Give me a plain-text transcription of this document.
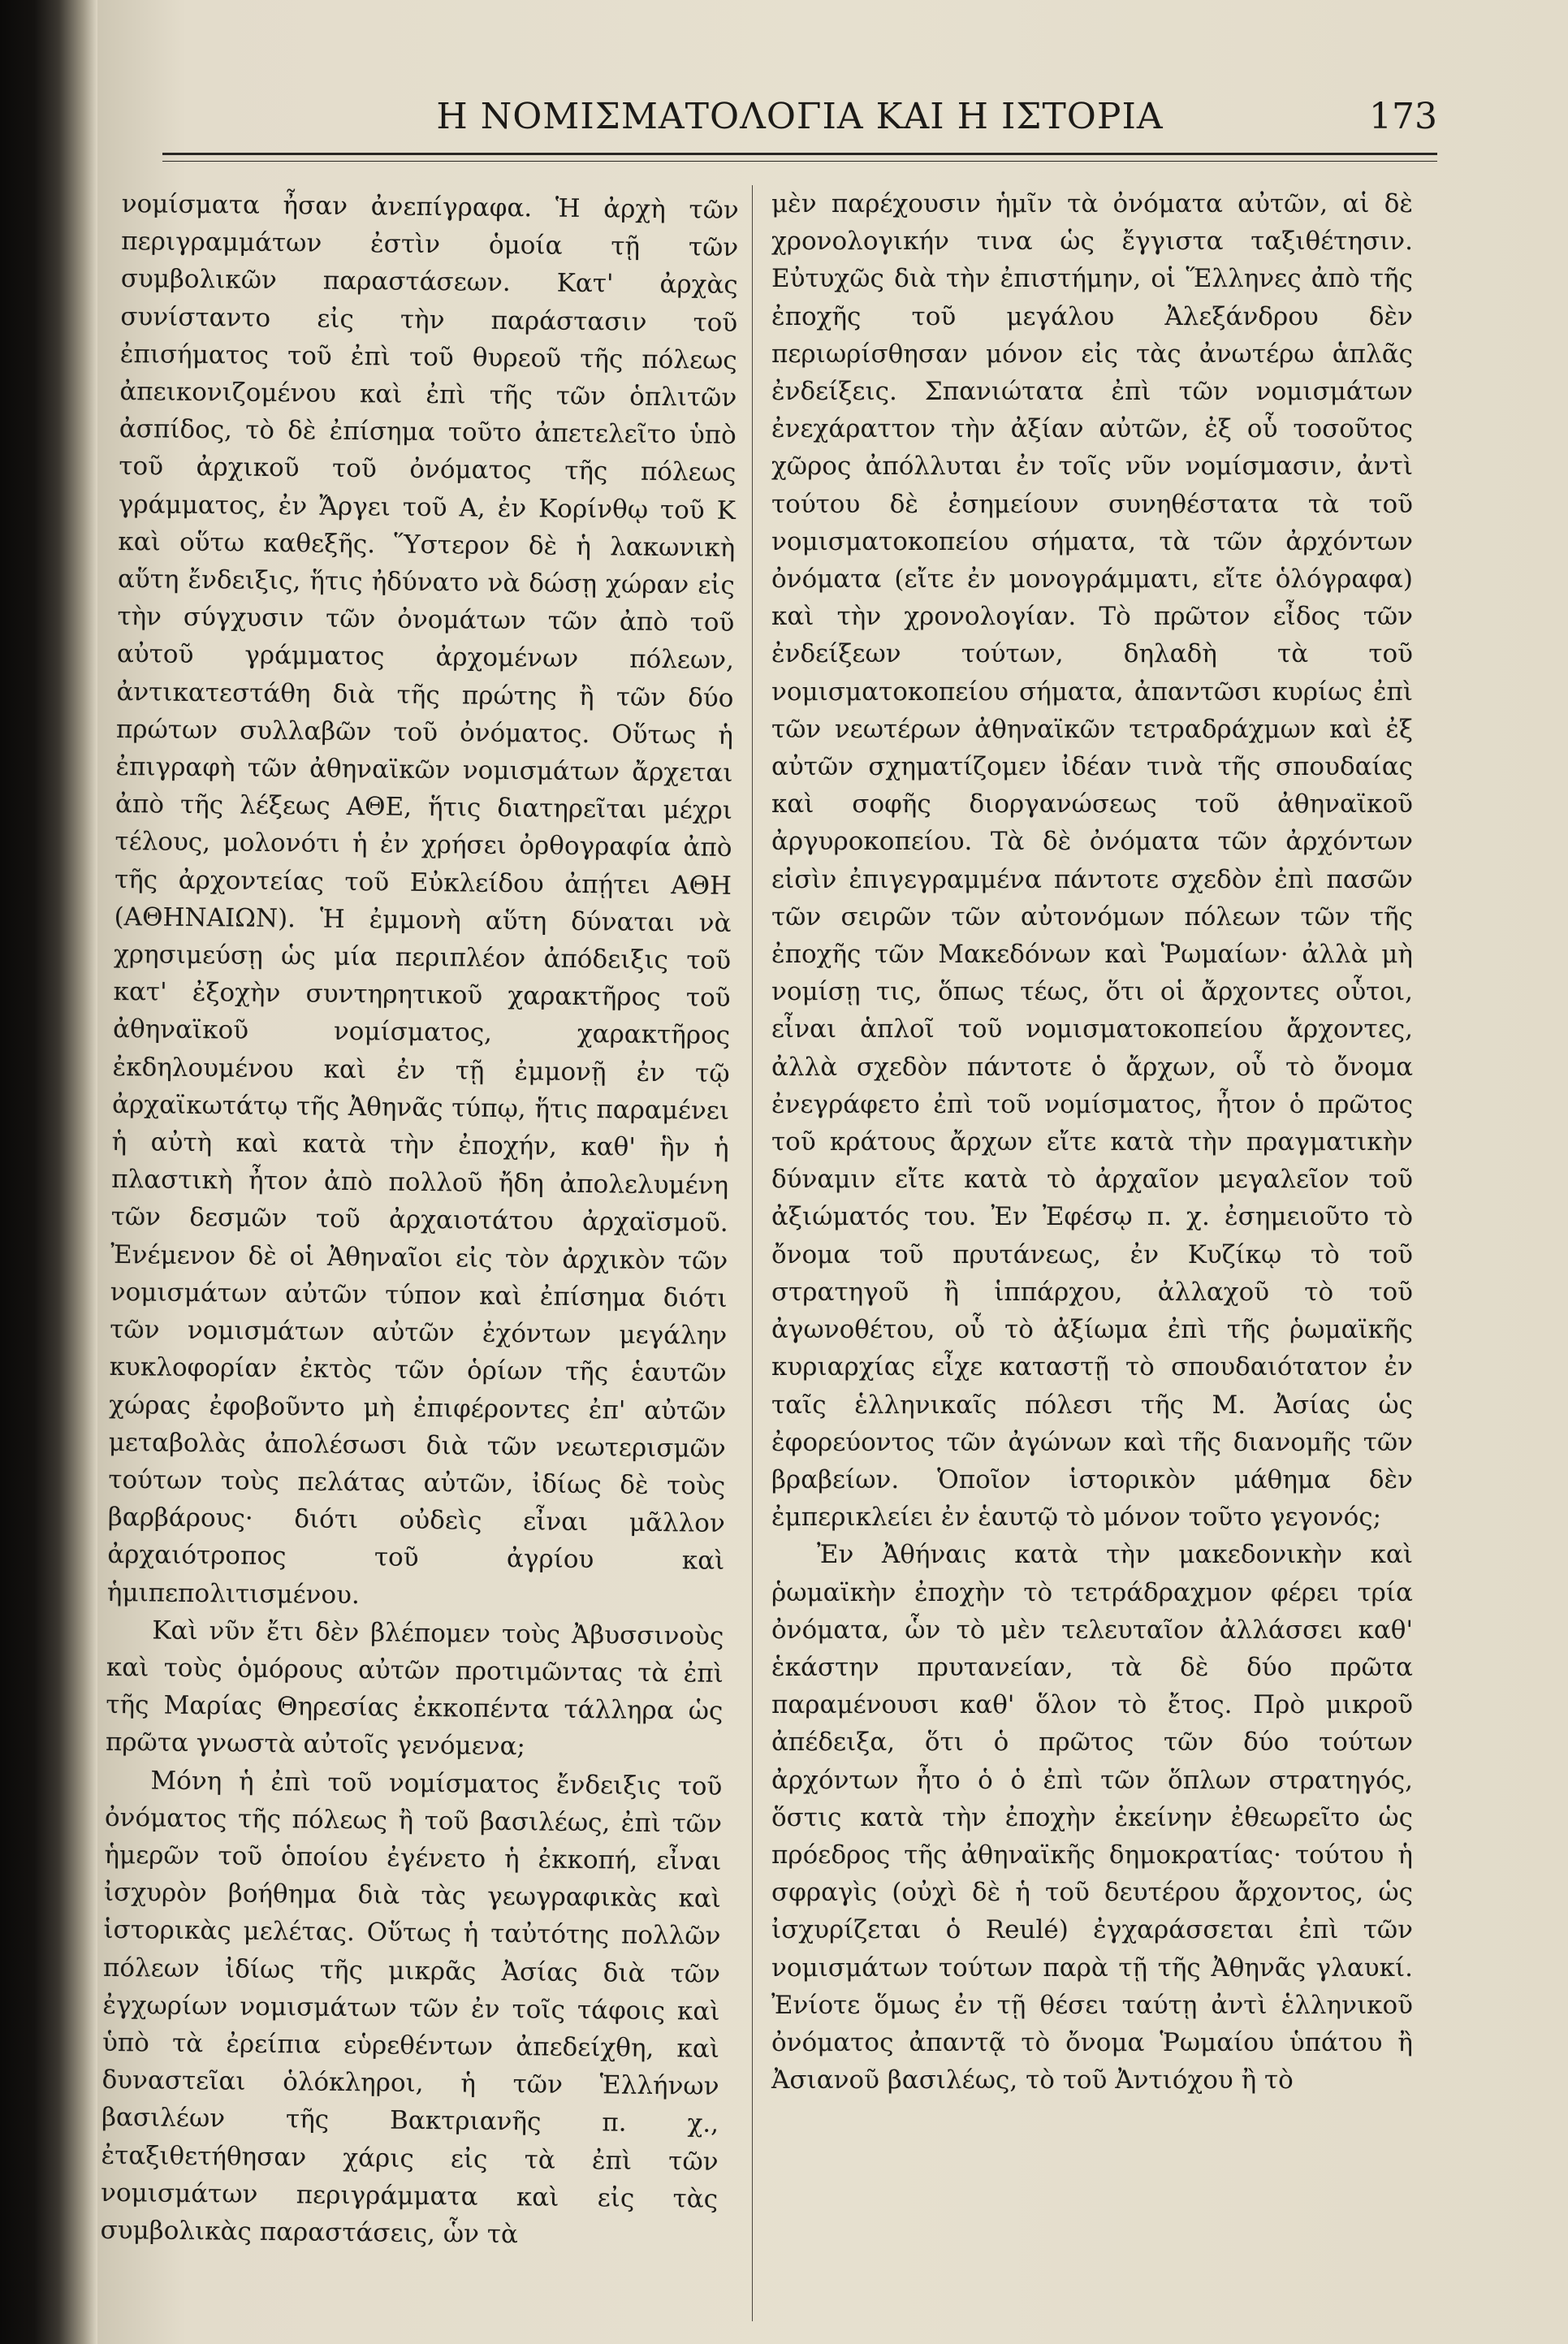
Η ΝΟΜΙΣΜΑΤΟΛΟΓΙΑ ΚΑΙ Η ΙΣΤΟΡΙΑ	173

νομίσματα ἦσαν ἀνεπίγραφα. Ἡ ἀρχὴ τῶν περιγραμμάτων ἐστὶν ὁμοία τῇ τῶν συμβολικῶν παραστάσεων. Κατ' ἀρχὰς συνίσταντο εἰς τὴν παράστασιν τοῦ ἐπισήματος τοῦ ἐπὶ τοῦ θυρεοῦ τῆς πόλεως ἀπεικονιζομένου καὶ ἐπὶ τῆς τῶν ὁπλιτῶν ἀσπίδος, τὸ δὲ ἐπίσημα τοῦτο ἀπετελεῖτο ὑπὸ τοῦ ἀρχικοῦ τοῦ ὀνόματος τῆς πόλεως γράμματος, ἐν Ἄργει τοῦ Α, ἐν Κορίνθῳ τοῦ Κ καὶ οὕτω καθεξῆς. Ὕστερον δὲ ἡ λακωνικὴ αὕτη ἔνδειξις, ἥτις ἠδύνατο νὰ δώσῃ χώραν εἰς τὴν σύγχυσιν τῶν ὀνομάτων τῶν ἀπὸ τοῦ αὐτοῦ γράμματος ἀρχομένων πόλεων, ἀντικατεστάθη διὰ τῆς πρώτης ἢ τῶν δύο πρώτων συλλαβῶν τοῦ ὀνόματος. Οὕτως ἡ ἐπιγραφὴ τῶν ἀθηναϊκῶν νομισμάτων ἄρχεται ἀπὸ τῆς λέξεως ΑΘΕ, ἥτις διατηρεῖται μέχρι τέλους, μολονότι ἡ ἐν χρήσει ὀρθογραφία ἀπὸ τῆς ἀρχοντείας τοῦ Εὐκλείδου ἀπῄτει ΑΘΗ (ΑΘΗΝΑΙΩΝ). Ἡ ἐμμονὴ αὕτη δύναται νὰ χρησιμεύσῃ ὡς μία περιπλέον ἀπόδειξις τοῦ κατ' ἐξοχὴν συντηρητικοῦ χαρακτῆρος τοῦ ἀθηναϊκοῦ νομίσματος, χαρακτῆρος ἐκδηλουμένου καὶ ἐν τῇ ἐμμονῇ ἐν τῷ ἀρχαϊκωτάτῳ τῆς Ἀθηνᾶς τύπῳ, ἥτις παραμένει ἡ αὐτὴ καὶ κατὰ τὴν ἐποχήν, καθ' ἣν ἡ πλαστικὴ ἦτον ἀπὸ πολλοῦ ἤδη ἀπολελυμένη τῶν δεσμῶν τοῦ ἀρχαιοτάτου ἀρχαϊσμοῦ. Ἐνέμενον δὲ οἱ Ἀθηναῖοι εἰς τὸν ἀρχικὸν τῶν νομισμάτων αὐτῶν τύπον καὶ ἐπίσημα διότι τῶν νομισμάτων αὐτῶν ἐχόντων μεγάλην κυκλοφορίαν ἐκτὸς τῶν ὁρίων τῆς ἑαυτῶν χώρας ἐφοβοῦντο μὴ ἐπιφέροντες ἐπ' αὐτῶν μεταβολὰς ἀπολέσωσι διὰ τῶν νεωτερισμῶν τούτων τοὺς πελάτας αὐτῶν, ἰδίως δὲ τοὺς βαρβάρους· διότι οὐδεὶς εἶναι μᾶλλον ἀρχαιότροπος τοῦ ἀγρίου καὶ ἡμιπεπολιτισμένου.

Καὶ νῦν ἔτι δὲν βλέπομεν τοὺς Ἀβυσσινοὺς καὶ τοὺς ὁμόρους αὐτῶν προτιμῶντας τὰ ἐπὶ τῆς Μαρίας Θηρεσίας ἐκκοπέντα τάλληρα ὡς πρῶτα γνωστὰ αὐτοῖς γενόμενα;

Μόνη ἡ ἐπὶ τοῦ νομίσματος ἔνδειξις τοῦ ὀνόματος τῆς πόλεως ἢ τοῦ βασιλέως, ἐπὶ τῶν ἡμερῶν τοῦ ὁποίου ἐγένετο ἡ ἐκκοπή, εἶναι ἰσχυρὸν βοήθημα διὰ τὰς γεωγραφικὰς καὶ ἱστορικὰς μελέτας. Οὕτως ἡ ταὐτότης πολλῶν πόλεων ἰδίως τῆς μικρᾶς Ἀσίας διὰ τῶν ἐγχωρίων νομισμάτων τῶν ἐν τοῖς τάφοις καὶ ὑπὸ τὰ ἐρείπια εὑρεθέντων ἀπεδείχθη, καὶ δυναστεῖαι ὁλόκληροι, ἡ τῶν Ἑλλήνων βασιλέων τῆς Βακτριανῆς π. χ., ἐταξιθετήθησαν χάρις εἰς τὰ ἐπὶ τῶν νομισμάτων περιγράμματα καὶ εἰς τὰς συμβολικὰς παραστάσεις, ὧν τὰ

μὲν παρέχουσιν ἡμῖν τὰ ὀνόματα αὐτῶν, αἱ δὲ χρονολογικήν τινα ὡς ἔγγιστα ταξιθέτησιν. Εὐτυχῶς διὰ τὴν ἐπιστήμην, οἱ Ἕλληνες ἀπὸ τῆς ἐποχῆς τοῦ μεγάλου Ἀλεξάνδρου δὲν περιωρίσθησαν μόνον εἰς τὰς ἀνωτέρω ἁπλᾶς ἐνδείξεις. Σπανιώτατα ἐπὶ τῶν νομισμάτων ἐνεχάραττον τὴν ἀξίαν αὐτῶν, ἐξ οὗ τοσοῦτος χῶρος ἀπόλλυται ἐν τοῖς νῦν νομίσμασιν, ἀντὶ τούτου δὲ ἐσημείουν συνηθέστατα τὰ τοῦ νομισματοκοπείου σήματα, τὰ τῶν ἀρχόντων ὀνόματα (εἴτε ἐν μονογράμματι, εἴτε ὁλόγραφα) καὶ τὴν χρονολογίαν. Τὸ πρῶτον εἶδος τῶν ἐνδείξεων τούτων, δηλαδὴ τὰ τοῦ νομισματοκοπείου σήματα, ἀπαντῶσι κυρίως ἐπὶ τῶν νεωτέρων ἀθηναϊκῶν τετραδράχμων καὶ ἐξ αὐτῶν σχηματίζομεν ἰδέαν τινὰ τῆς σπουδαίας καὶ σοφῆς διοργανώσεως τοῦ ἀθηναϊκοῦ ἀργυροκοπείου. Τὰ δὲ ὀνόματα τῶν ἀρχόντων εἰσὶν ἐπιγεγραμμένα πάντοτε σχεδὸν ἐπὶ πασῶν τῶν σειρῶν τῶν αὐτονόμων πόλεων τῶν τῆς ἐποχῆς τῶν Μακεδόνων καὶ Ῥωμαίων· ἀλλὰ μὴ νομίσῃ τις, ὅπως τέως, ὅτι οἱ ἄρχοντες οὗτοι, εἶναι ἁπλοῖ τοῦ νομισματοκοπείου ἄρχοντες, ἀλλὰ σχεδὸν πάντοτε ὁ ἄρχων, οὗ τὸ ὄνομα ἐνεγράφετο ἐπὶ τοῦ νομίσματος, ἦτον ὁ πρῶτος τοῦ κράτους ἄρχων εἴτε κατὰ τὴν πραγματικὴν δύναμιν εἴτε κατὰ τὸ ἀρχαῖον μεγαλεῖον τοῦ ἀξιώματός του. Ἐν Ἐφέσῳ π. χ. ἐσημειοῦτο τὸ ὄνομα τοῦ πρυτάνεως, ἐν Κυζίκῳ τὸ τοῦ στρατηγοῦ ἢ ἱππάρχου, ἀλλαχοῦ τὸ τοῦ ἀγωνοθέτου, οὗ τὸ ἀξίωμα ἐπὶ τῆς ῥωμαϊκῆς κυριαρχίας εἶχε καταστῇ τὸ σπουδαιότατον ἐν ταῖς ἑλληνικαῖς πόλεσι τῆς Μ. Ἀσίας ὡς ἐφορεύοντος τῶν ἀγώνων καὶ τῆς διανομῆς τῶν βραβείων. Ὁποῖον ἱστορικὸν μάθημα δὲν ἐμπερικλείει ἐν ἑαυτῷ τὸ μόνον τοῦτο γεγονός;

Ἐν Ἀθήναις κατὰ τὴν μακεδονικὴν καὶ ῥωμαϊκὴν ἐποχὴν τὸ τετράδραχμον φέρει τρία ὀνόματα, ὧν τὸ μὲν τελευταῖον ἀλλάσσει καθ' ἑκάστην πρυτανείαν, τὰ δὲ δύο πρῶτα παραμένουσι καθ' ὅλον τὸ ἔτος. Πρὸ μικροῦ ἀπέδειξα, ὅτι ὁ πρῶτος τῶν δύο τούτων ἀρχόντων ἦτο ὁ ὁ ἐπὶ τῶν ὅπλων στρατηγός, ὅστις κατὰ τὴν ἐποχὴν ἐκείνην ἐθεωρεῖτο ὡς πρόεδρος τῆς ἀθηναϊκῆς δημοκρατίας· τούτου ἡ σφραγὶς (οὐχὶ δὲ ἡ τοῦ δευτέρου ἄρχοντος, ὡς ἰσχυρίζεται ὁ Reulé) ἐγχαράσσεται ἐπὶ τῶν νομισμάτων τούτων παρὰ τῇ τῆς Ἀθηνᾶς γλαυκί. Ἐνίοτε ὅμως ἐν τῇ θέσει ταύτῃ ἀντὶ ἑλληνικοῦ ὀνόματος ἀπαντᾷ τὸ ὄνομα Ῥωμαίου ὑπάτου ἢ Ἀσιανοῦ βασιλέως, τὸ τοῦ Ἀντιόχου ἢ τὸ
